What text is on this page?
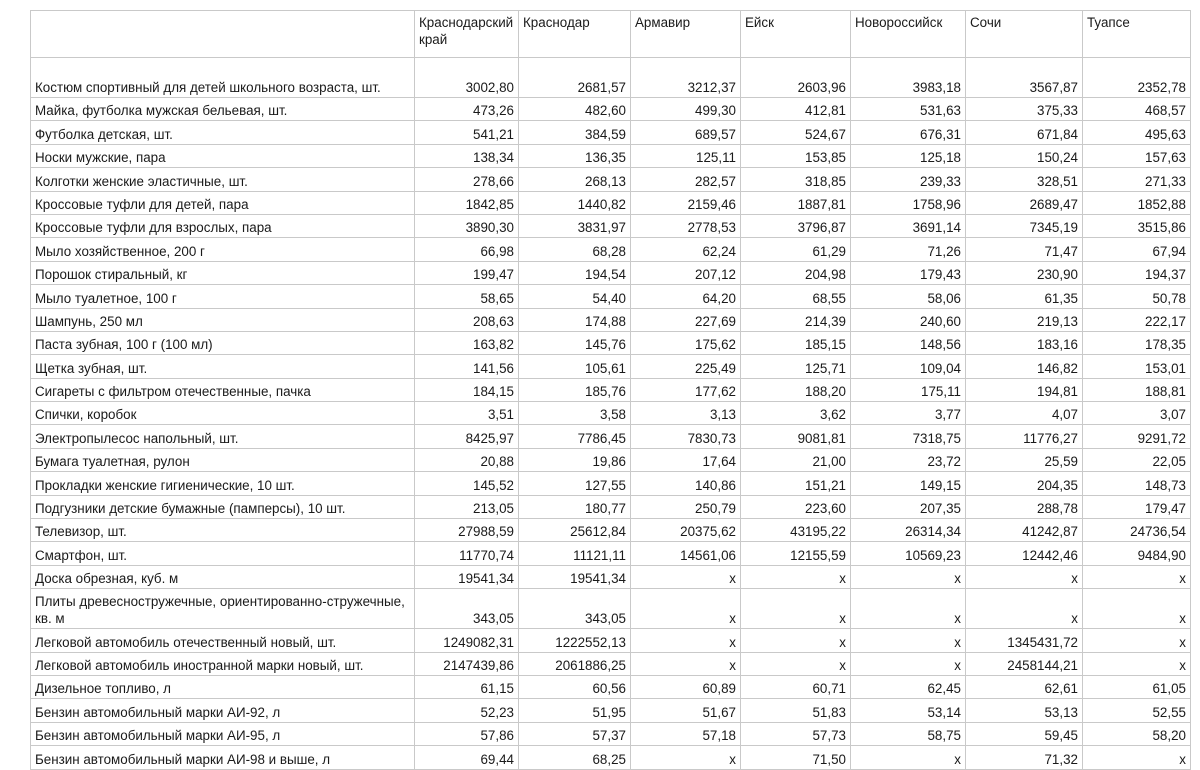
	Краснодарский край	Краснодар	Армавир	Ейск	Новороссийск	Сочи	Туапсе
Костюм спортивный для детей школьного возраста, шт.	3002,80	2681,57	3212,37	2603,96	3983,18	3567,87	2352,78
Майка, футболка мужская бельевая, шт.	473,26	482,60	499,30	412,81	531,63	375,33	468,57
Футболка детская, шт.	541,21	384,59	689,57	524,67	676,31	671,84	495,63
Носки мужские, пара	138,34	136,35	125,11	153,85	125,18	150,24	157,63
Колготки женские эластичные, шт.	278,66	268,13	282,57	318,85	239,33	328,51	271,33
Кроссовые туфли для детей, пара	1842,85	1440,82	2159,46	1887,81	1758,96	2689,47	1852,88
Кроссовые туфли для взрослых, пара	3890,30	3831,97	2778,53	3796,87	3691,14	7345,19	3515,86
Мыло хозяйственное, 200 г	66,98	68,28	62,24	61,29	71,26	71,47	67,94
Порошок стиральный, кг	199,47	194,54	207,12	204,98	179,43	230,90	194,37
Мыло туалетное, 100 г	58,65	54,40	64,20	68,55	58,06	61,35	50,78
Шампунь, 250 мл	208,63	174,88	227,69	214,39	240,60	219,13	222,17
Паста зубная, 100 г (100 мл)	163,82	145,76	175,62	185,15	148,56	183,16	178,35
Щетка зубная, шт.	141,56	105,61	225,49	125,71	109,04	146,82	153,01
Сигареты с фильтром отечественные, пачка	184,15	185,76	177,62	188,20	175,11	194,81	188,81
Спички, коробок	3,51	3,58	3,13	3,62	3,77	4,07	3,07
Электропылесос напольный, шт.	8425,97	7786,45	7830,73	9081,81	7318,75	11776,27	9291,72
Бумага туалетная, рулон	20,88	19,86	17,64	21,00	23,72	25,59	22,05
Прокладки женские гигиенические, 10 шт.	145,52	127,55	140,86	151,21	149,15	204,35	148,73
Подгузники детские бумажные (памперсы), 10 шт.	213,05	180,77	250,79	223,60	207,35	288,78	179,47
Телевизор, шт.	27988,59	25612,84	20375,62	43195,22	26314,34	41242,87	24736,54
Смартфон, шт.	11770,74	11121,11	14561,06	12155,59	10569,23	12442,46	9484,90
Доска обрезная, куб. м	19541,34	19541,34	x	x	x	x	x
Плиты древесностружечные, ориентированно-стружечные, кв. м	343,05	343,05	x	x	x	x	x
Легковой автомобиль отечественный новый, шт.	1249082,31	1222552,13	x	x	x	1345431,72	x
Легковой автомобиль иностранной марки новый, шт.	2147439,86	2061886,25	x	x	x	2458144,21	x
Дизельное топливо, л	61,15	60,56	60,89	60,71	62,45	62,61	61,05
Бензин автомобильный марки АИ-92, л	52,23	51,95	51,67	51,83	53,14	53,13	52,55
Бензин автомобильный марки АИ-95, л	57,86	57,37	57,18	57,73	58,75	59,45	58,20
Бензин автомобильный марки АИ-98 и выше, л	69,44	68,25	x	71,50	x	71,32	x
